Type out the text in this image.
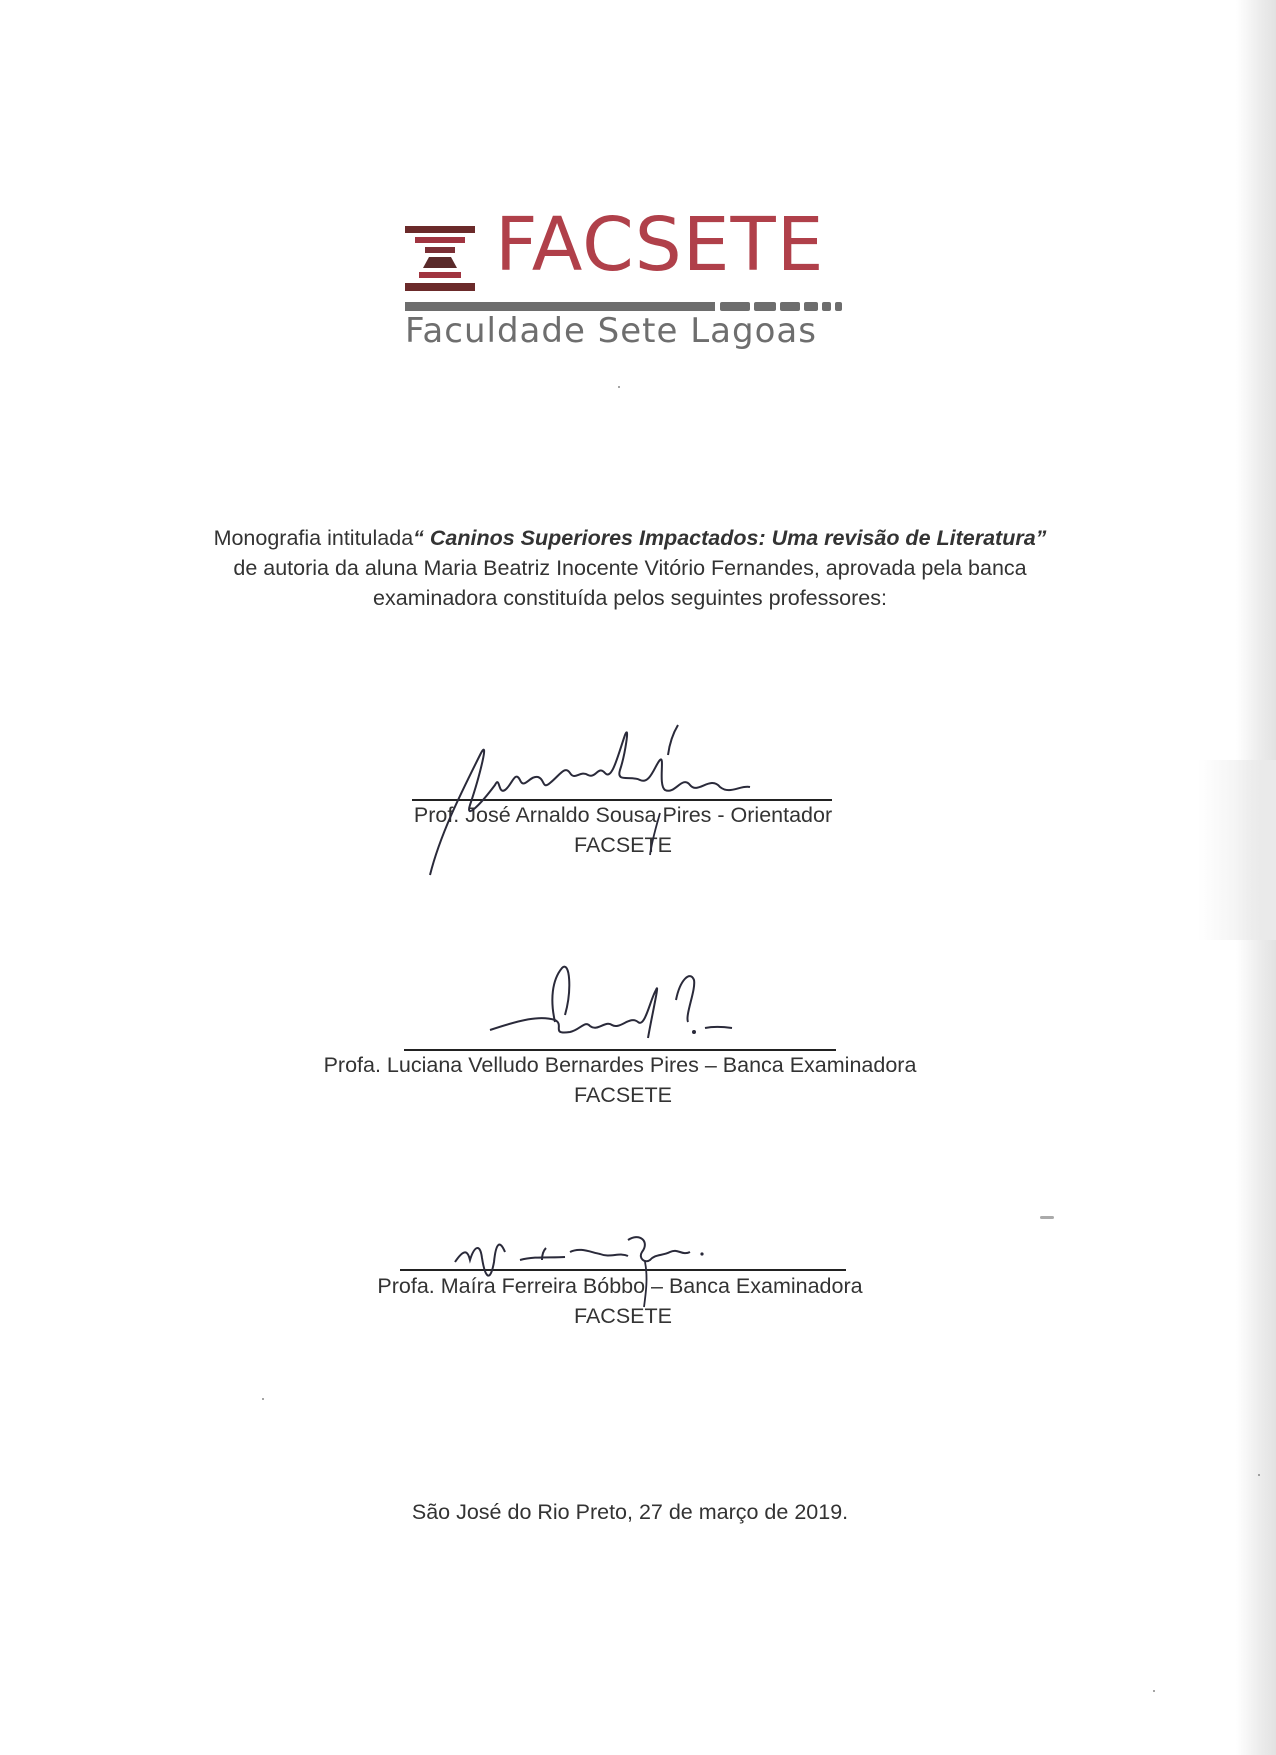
FACSETE
Faculdade Sete Lagoas
Monografia intitulada“ Caninos Superiores Impactados: Uma revisão de Literatura” de autoria da aluna Maria Beatriz Inocente Vitório Fernandes, aprovada pela banca examinadora constituída pelos seguintes professores:
Prof. José Arnaldo Sousa Pires - Orientador
FACSETE
Profa. Luciana Velludo Bernardes Pires – Banca Examinadora
FACSETE
Profa. Maíra Ferreira Bóbbo – Banca Examinadora
FACSETE
São José do Rio Preto, 27 de março de 2019.
